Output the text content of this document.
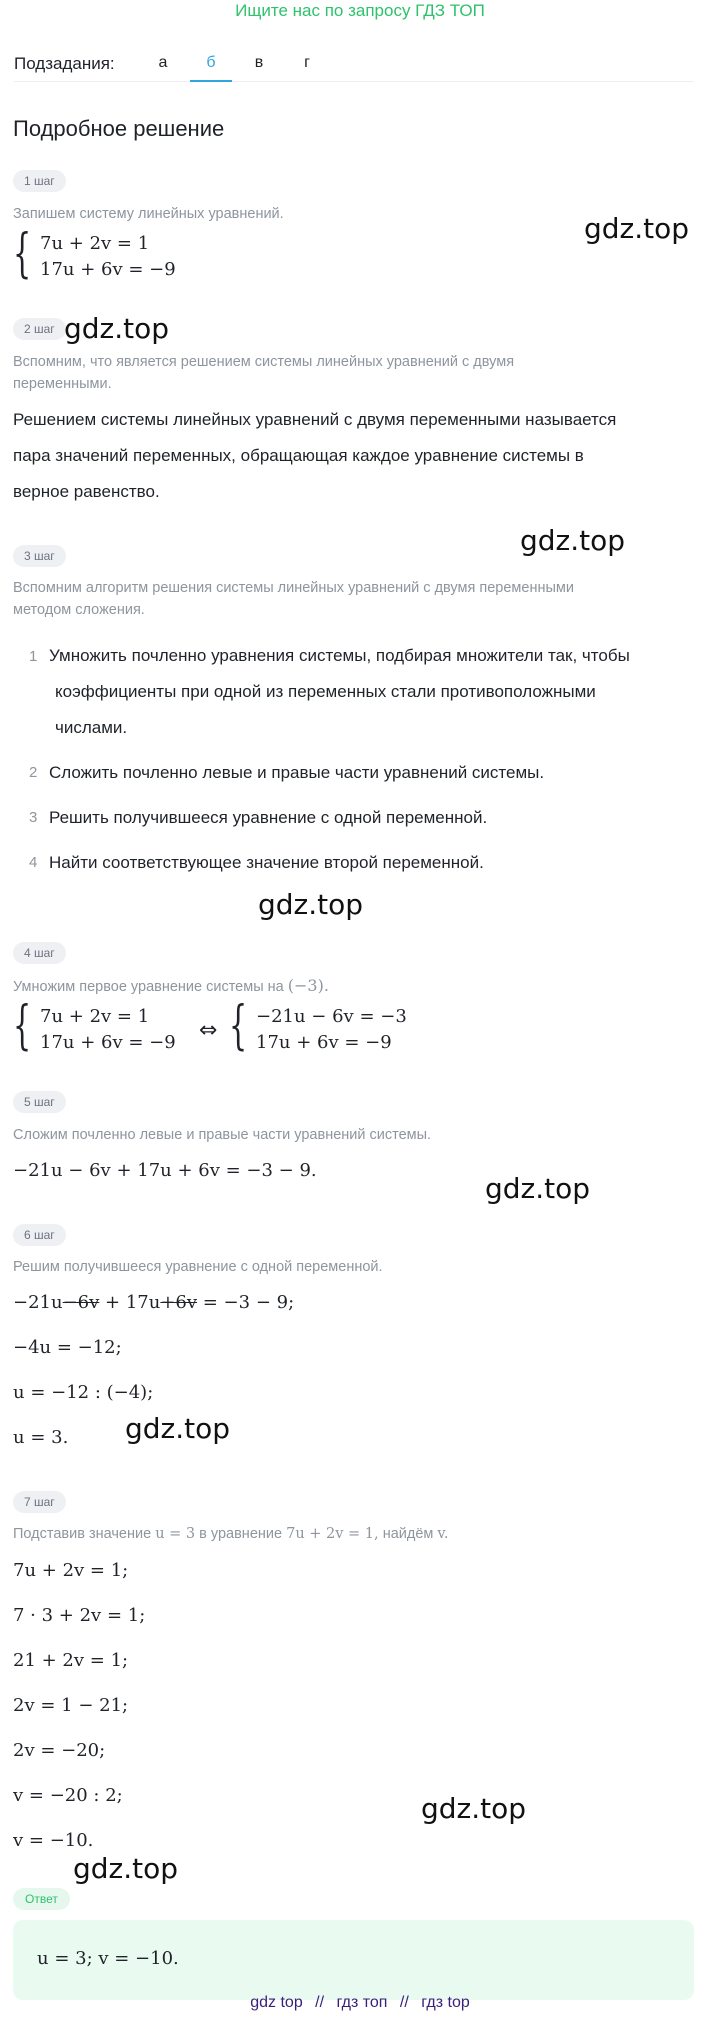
Ищите нас по запросу ГДЗ ТОП
Подзадания:	а	б	в	г
Подробное решение
1 шаг
Запишем систему линейных уравнений.
{ 7u + 2v = 1
17u + 6v = −9
gdz.top
2 шаг gdz.top
Вспомним, что является решением системы линейных уравнений с двумя
переменными.
Решением системы линейных уравнений с двумя переменными называется
пара значений переменных, обращающая каждое уравнение системы в
верное равенство.
gdz.top
3 шаг
Вспомним алгоритм решения системы линейных уравнений с двумя переменными
методом сложения.
1 Умножить почленно уравнения системы, подбирая множители так, чтобы
коэффициенты при одной из переменных стали противоположными
числами.
2 Сложить почленно левые и правые части уравнений системы.
3 Решить получившееся уравнение с одной переменной.
4 Найти соответствующее значение второй переменной.
gdz.top
4 шаг
Умножим первое уравнение системы на (−3).
{ 7u + 2v = 1
17u + 6v = −9 ⇔ { −21u − 6v = −3
17u + 6v = −9
5 шаг
Сложим почленно левые и правые части уравнений системы.
−21u − 6v + 17u + 6v = −3 − 9.
gdz.top
6 шаг
Решим получившееся уравнение с одной переменной.
−21u−6v + 17u+6v = −3 − 9;
−4u = −12;
u = −12 : (−4);
u = 3. gdz.top
7 шаг
Подставив значение u = 3 в уравнение 7u + 2v = 1, найдём v.
7u + 2v = 1;
7 · 3 + 2v = 1;
21 + 2v = 1;
2v = 1 − 21;
2v = −20;
v = −20 : 2;
v = −10.
gdz.top
gdz.top
Ответ
u = 3; v = −10.
gdz top // гдз топ // гдз top
